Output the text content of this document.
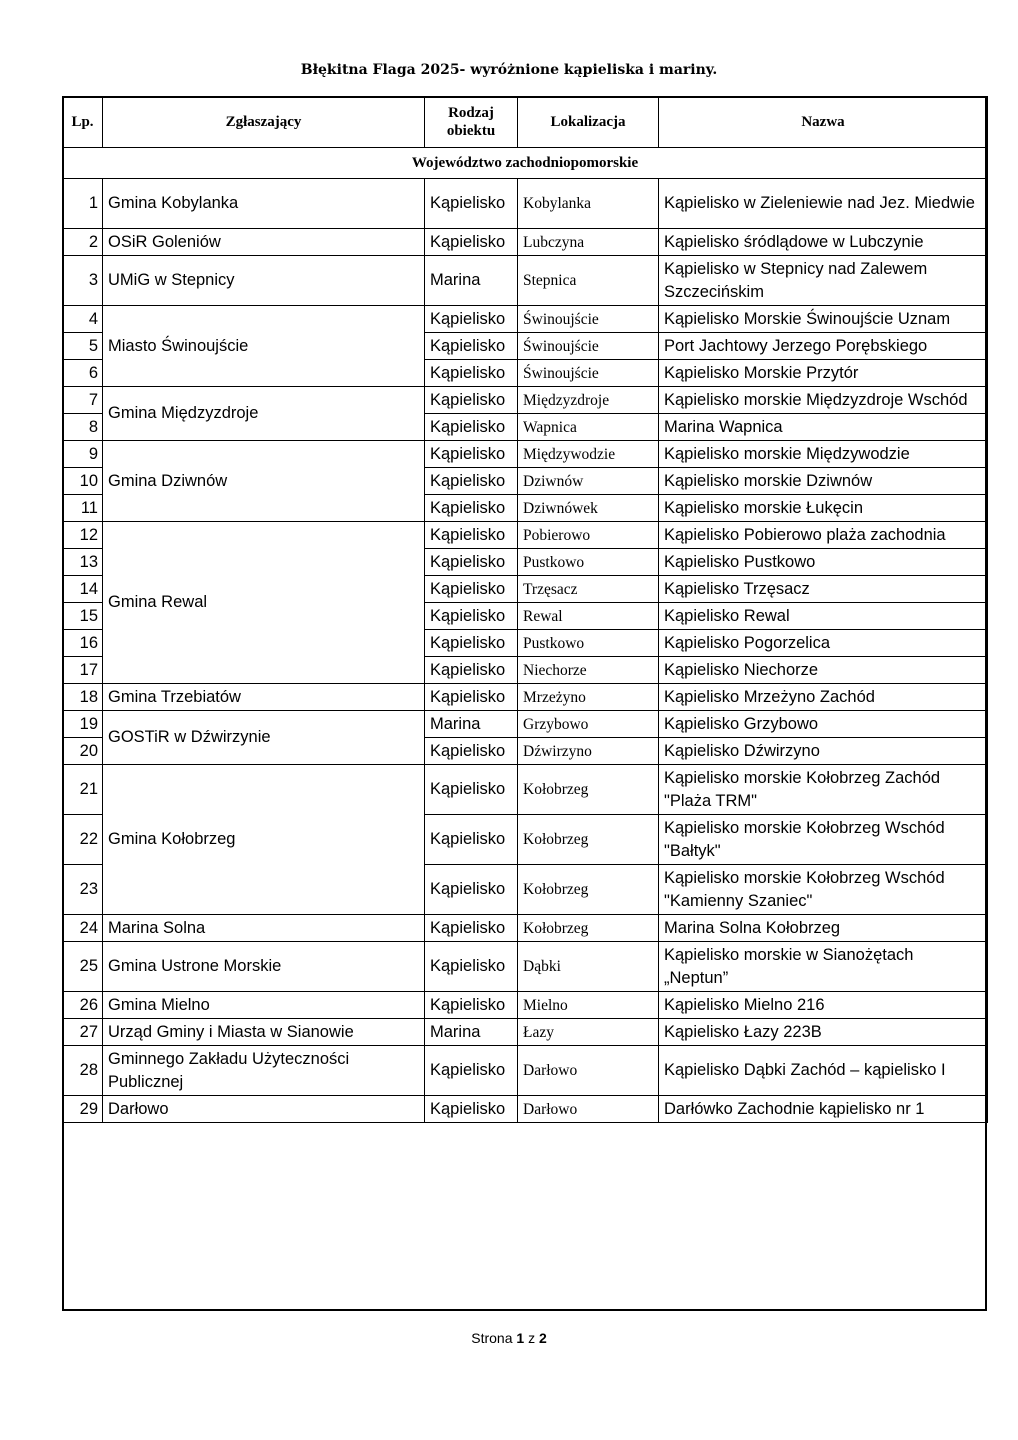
Błękitna Flaga 2025- wyróżnione kąpieliska i mariny.
Lp.	Zgłaszający	Rodzaj obiektu	Lokalizacja	Nazwa
Województwo zachodniopomorskie				
1	Gmina Kobylanka	Kąpielisko	Kobylanka	Kąpielisko w Zieleniewie nad Jez. Miedwie
2	OSiR Goleniów	Kąpielisko	Lubczyna	Kąpielisko śródlądowe w Lubczynie
3	UMiG w Stepnicy	Marina	Stepnica	Kąpielisko w Stepnicy nad Zalewem Szczecińskim
4	Miasto Świnoujście	Kąpielisko	Świnoujście	Kąpielisko Morskie Świnoujście Uznam
5		Kąpielisko	Świnoujście	Port Jachtowy Jerzego Porębskiego
6		Kąpielisko	Świnoujście	Kąpielisko Morskie Przytór
7	Gmina Międzyzdroje	Kąpielisko	Międzyzdroje	Kąpielisko morskie Międzyzdroje Wschód
8		Kąpielisko	Wapnica	Marina Wapnica
9	Gmina Dziwnów	Kąpielisko	Międzywodzie	Kąpielisko morskie Międzywodzie
10		Kąpielisko	Dziwnów	Kąpielisko morskie Dziwnów
11		Kąpielisko	Dziwnówek	Kąpielisko morskie Łukęcin
12	Gmina Rewal	Kąpielisko	Pobierowo	Kąpielisko Pobierowo plaża zachodnia
13		Kąpielisko	Pustkowo	Kąpielisko Pustkowo
14		Kąpielisko	Trzęsacz	Kąpielisko Trzęsacz
15		Kąpielisko	Rewal	Kąpielisko Rewal
16		Kąpielisko	Pustkowo	Kąpielisko Pogorzelica
17		Kąpielisko	Niechorze	Kąpielisko Niechorze
18	Gmina Trzebiatów	Kąpielisko	Mrzeżyno	Kąpielisko Mrzeżyno Zachód
19	GOSTiR w Dźwirzynie	Marina	Grzybowo	Kąpielisko Grzybowo
20		Kąpielisko	Dźwirzyno	Kąpielisko Dźwirzyno
21	Gmina Kołobrzeg	Kąpielisko	Kołobrzeg	Kąpielisko morskie Kołobrzeg Zachód "Plaża TRM"
22		Kąpielisko	Kołobrzeg	Kąpielisko morskie Kołobrzeg Wschód "Bałtyk"
23		Kąpielisko	Kołobrzeg	Kąpielisko morskie Kołobrzeg Wschód "Kamienny Szaniec"
24	Marina Solna	Kąpielisko	Kołobrzeg	Marina Solna Kołobrzeg
25	Gmina Ustrone Morskie	Kąpielisko	Dąbki	Kąpielisko morskie w Sianożętach „Neptun”
26	Gmina Mielno	Kąpielisko	Mielno	Kąpielisko Mielno 216
27	Urząd Gminy i Miasta w Sianowie	Marina	Łazy	Kąpielisko Łazy 223B
28	Gminnego Zakładu Użyteczności Publicznej	Kąpielisko	Darłowo	Kąpielisko Dąbki Zachód – kąpielisko I
29	Darłowo	Kąpielisko	Darłowo	Darłówko Zachodnie kąpielisko nr 1
Strona 1 z 2
